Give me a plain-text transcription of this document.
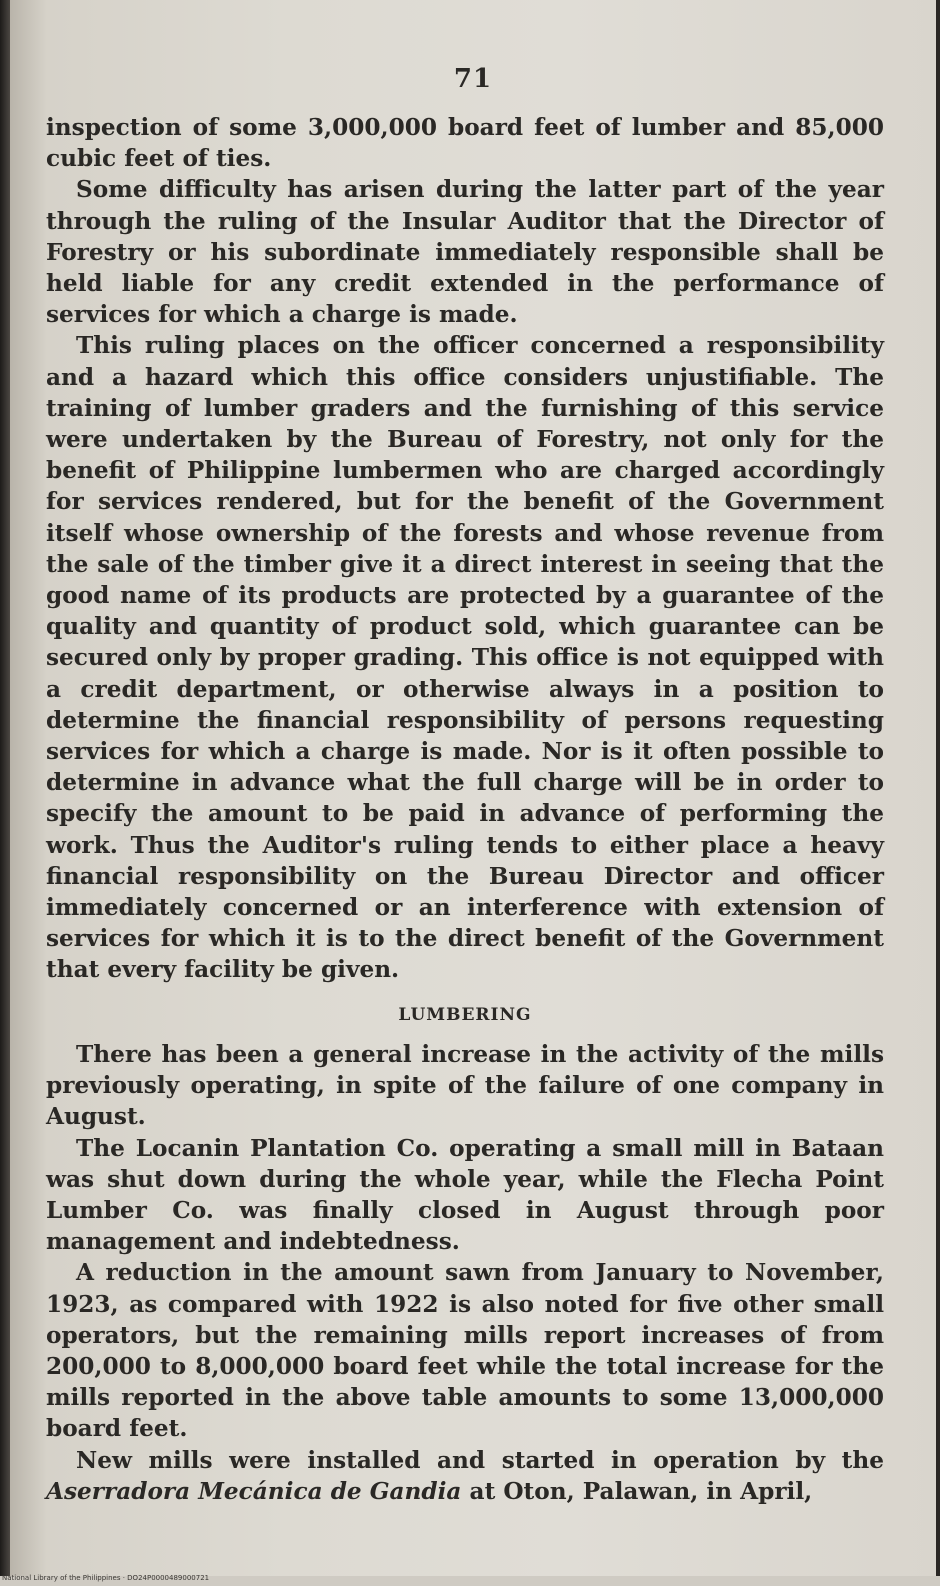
71

inspection of some 3,000,000 board feet of lumber and 85,000 cubic feet of ties.

Some difficulty has arisen during the latter part of the year through the ruling of the Insular Auditor that the Director of Forestry or his subordinate immediately responsible shall be held liable for any credit extended in the performance of services for which a charge is made.

This ruling places on the officer concerned a responsibility and a hazard which this office considers unjustifiable. The training of lumber graders and the furnishing of this service were undertaken by the Bureau of Forestry, not only for the benefit of Philippine lumbermen who are charged accordingly for services rendered, but for the benefit of the Government itself whose ownership of the forests and whose revenue from the sale of the timber give it a direct interest in seeing that the good name of its products are protected by a guarantee of the quality and quantity of product sold, which guarantee can be secured only by proper grading. This office is not equipped with a credit department, or otherwise always in a position to determine the financial responsibility of persons requesting services for which a charge is made. Nor is it often possible to determine in advance what the full charge will be in order to specify the amount to be paid in advance of performing the work. Thus the Auditor's ruling tends to either place a heavy financial responsibility on the Bureau Director and officer immediately concerned or an interference with extension of services for which it is to the direct benefit of the Government that every facility be given.

LUMBERING

There has been a general increase in the activity of the mills previously operating, in spite of the failure of one company in August.

The Locanin Plantation Co. operating a small mill in Bataan was shut down during the whole year, while the Flecha Point Lumber Co. was finally closed in August through poor management and indebtedness.

A reduction in the amount sawn from January to November, 1923, as compared with 1922 is also noted for five other small operators, but the remaining mills report increases of from 200,000 to 8,000,000 board feet while the total increase for the mills reported in the above table amounts to some 13,000,000 board feet.

New mills were installed and started in operation by the Aserradora Mecánica de Gandia at Oton, Palawan, in April,

National Library of the Philippines · DO24P0000489000721
